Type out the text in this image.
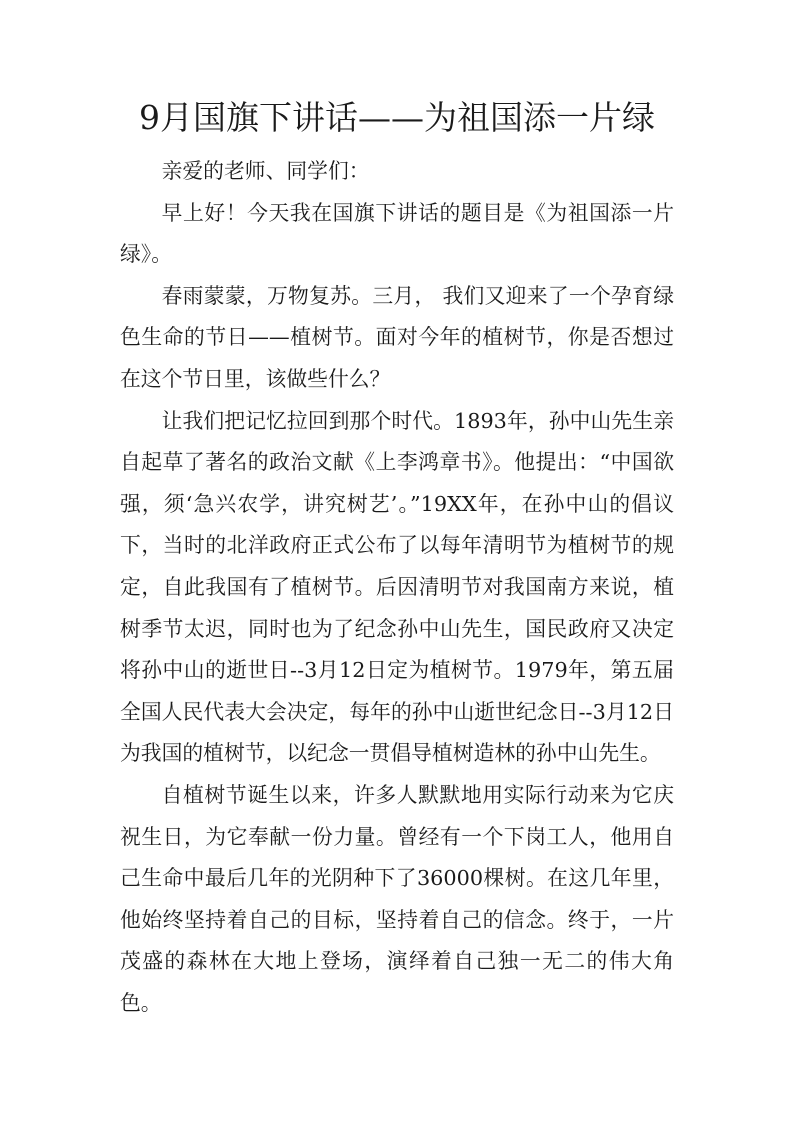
9月国旗下讲话——为祖国添一片绿

亲爱的老师、同学们：

早上好！今天我在国旗下讲话的题目是《为祖国添一片绿》。

春雨蒙蒙，万物复苏。三月， 我们又迎来了一个孕育绿色生命的节日——植树节。面对今年的植树节，你是否想过在这个节日里，该做些什么？

让我们把记忆拉回到那个时代。1893年，孙中山先生亲自起草了著名的政治文献《上李鸿章书》。他提出：“中国欲强，须‘急兴农学，讲究树艺’。”19XX年，在孙中山的倡议下，当时的北洋政府正式公布了以每年清明节为植树节的规定，自此我国有了植树节。后因清明节对我国南方来说，植树季节太迟，同时也为了纪念孙中山先生，国民政府又决定将孙中山的逝世日--3月12日定为植树节。1979年，第五届全国人民代表大会决定，每年的孙中山逝世纪念日--3月12日为我国的植树节，以纪念一贯倡导植树造林的孙中山先生。

自植树节诞生以来，许多人默默地用实际行动来为它庆祝生日，为它奉献一份力量。曾经有一个下岗工人，他用自己生命中最后几年的光阴种下了36000棵树。在这几年里，他始终坚持着自己的目标，坚持着自己的信念。终于，一片茂盛的森林在大地上登场，演绎着自己独一无二的伟大角色。
